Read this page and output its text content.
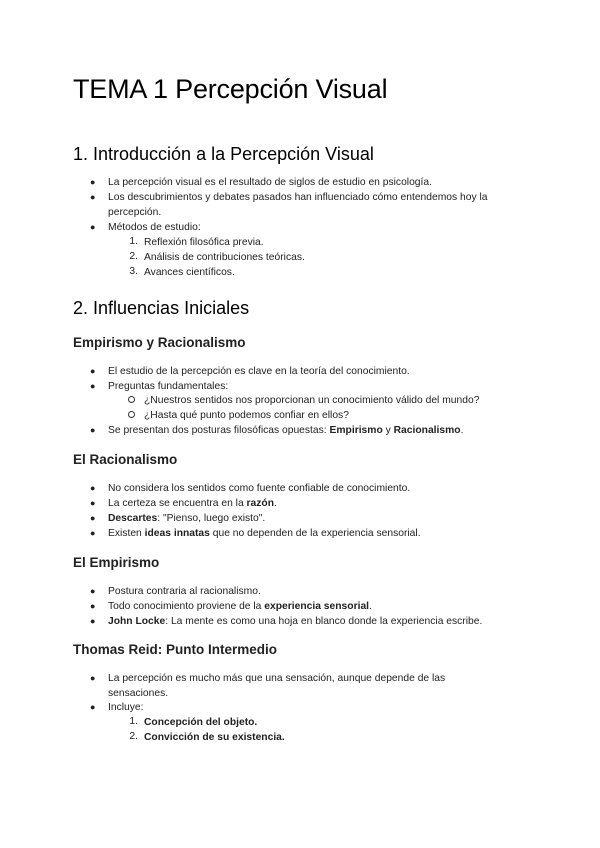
TEMA 1 Percepción Visual
1. Introducción a la Percepción Visual
● La percepción visual es el resultado de siglos de estudio en psicología.
● Los descubrimientos y debates pasados han influenciado cómo entendemos hoy la
percepción.
● Métodos de estudio:
1. Reflexión filosófica previa.
2. Análisis de contribuciones teóricas.
3. Avances científicos.
2. Influencias Iniciales
Empirismo y Racionalismo
● El estudio de la percepción es clave en la teoría del conocimiento.
● Preguntas fundamentales:
¿Nuestros sentidos nos proporcionan un conocimiento válido del mundo?
¿Hasta qué punto podemos confiar en ellos?
● Se presentan dos posturas filosóficas opuestas: Empirismo y Racionalismo.
El Racionalismo
● No considera los sentidos como fuente confiable de conocimiento.
● La certeza se encuentra en la razón.
● Descartes: "Pienso, luego existo".
● Existen ideas innatas que no dependen de la experiencia sensorial.
El Empirismo
● Postura contraria al racionalismo.
● Todo conocimiento proviene de la experiencia sensorial.
● John Locke: La mente es como una hoja en blanco donde la experiencia escribe.
Thomas Reid: Punto Intermedio
● La percepción es mucho más que una sensación, aunque depende de las
sensaciones.
● Incluye:
1. Concepción del objeto.
2. Convicción de su existencia.
